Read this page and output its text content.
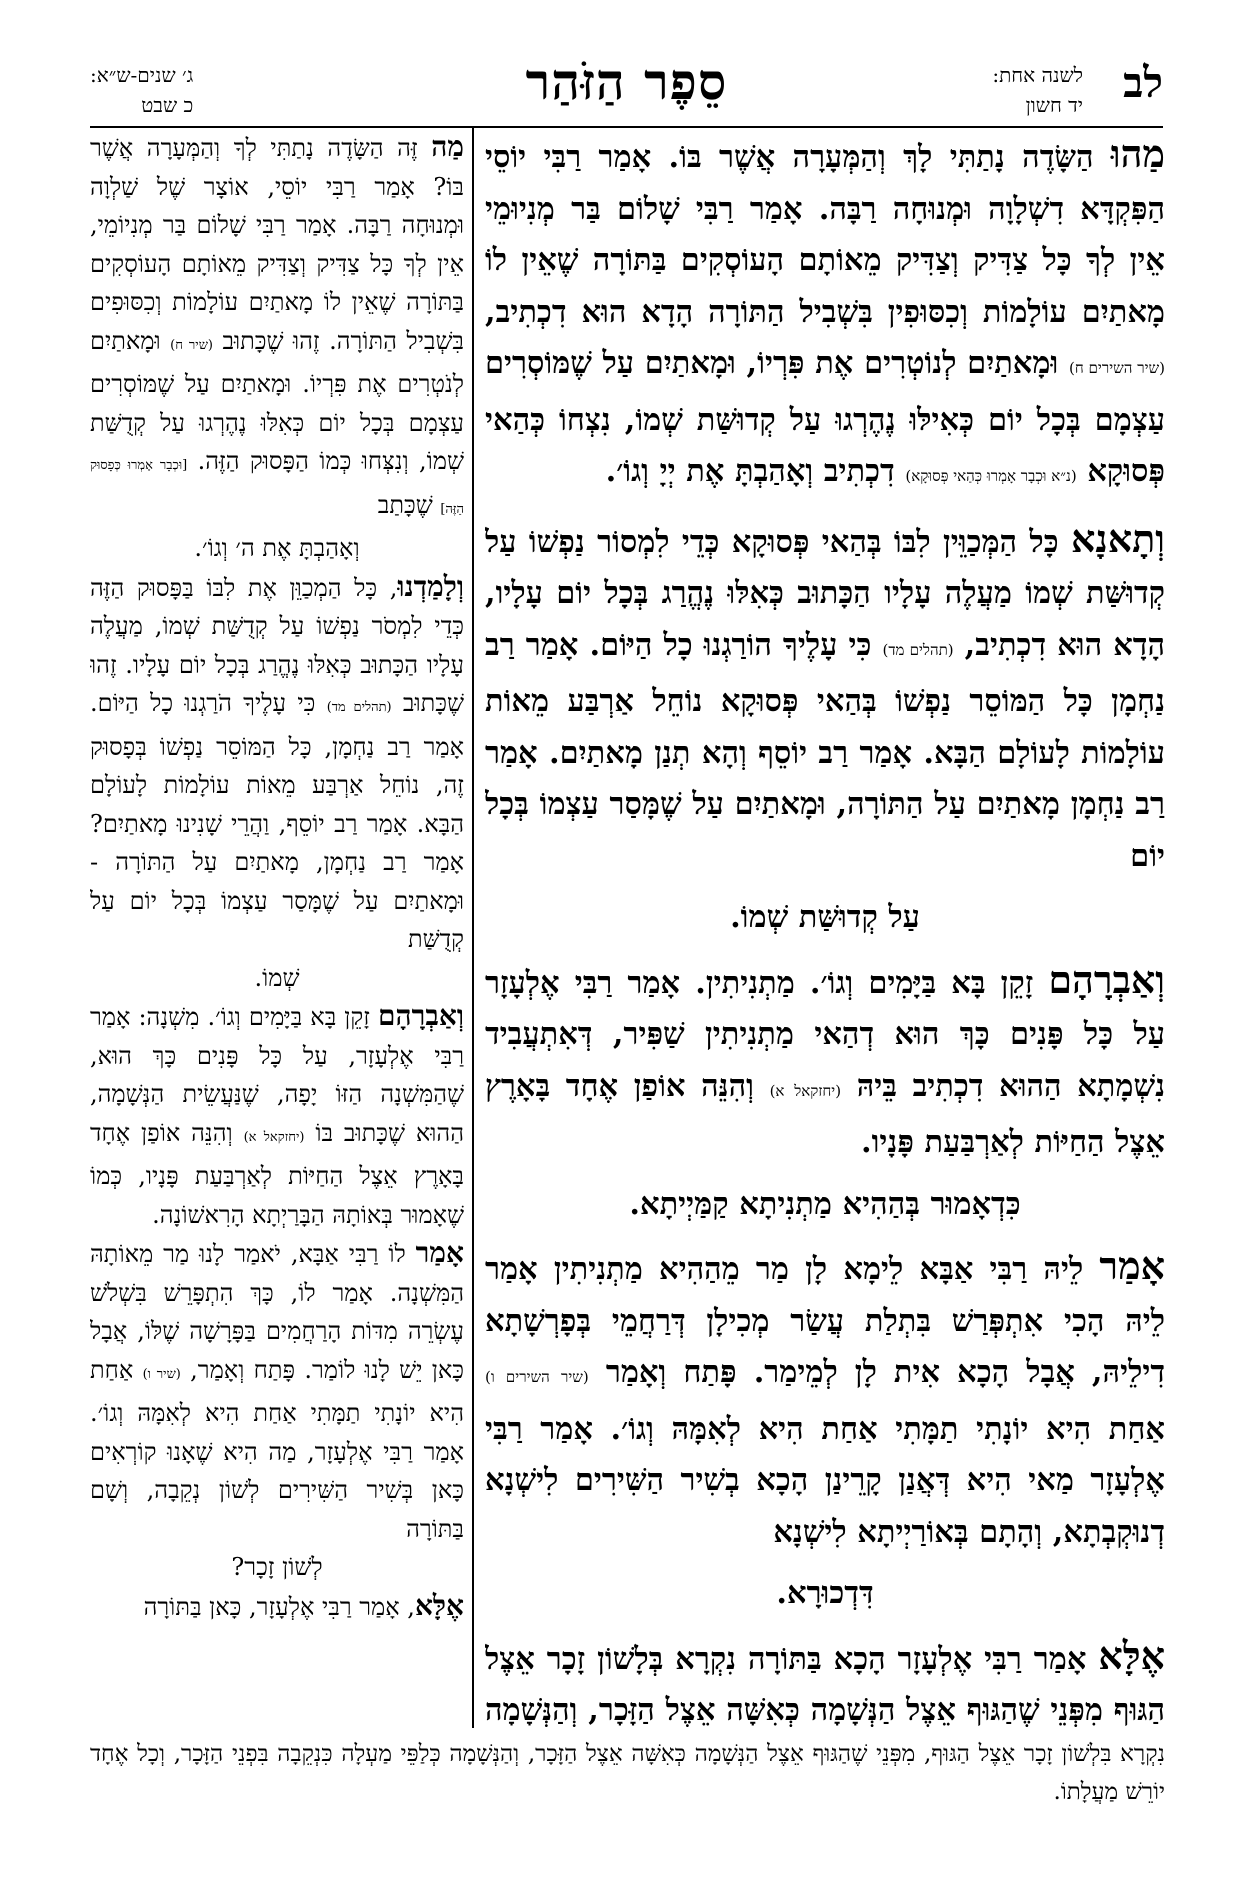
לב
לשנה אחת:
יד חשון
סֵפֶר הַזֹּהַר
ג׳ שנים-ש״א:
כ שבט

מַהוּ הַשָּׂדֶה נָתַתִּי לָךְ וְהַמְּעָרָה אֲשֶׁר בּוֹ. אָמַר רַבִּי יוֹסֵי הַפִּקְדָּא דִשְׁלָוָה וּמְנוּחָה רַבָּה. אָמַר רַבִּי שָׁלוֹם בַּר מְנִיוּמֵי אֵין לְךָ כָּל צַדִּיק וְצַדִּיק מֵאוֹתָם הָעוֹסְקִים בַּתּוֹרָה שֶׁאֵין לוֹ מָאתַיִם עוֹלָמוֹת וְכִסּוּפִין בִּשְׁבִיל הַתּוֹרָה הָדָא הוּא דִכְתִיב, (שיר השירים ח) וּמָאתַיִם לְנוֹטְרִים אֶת פִּרְיוֹ, וּמָאתַיִם עַל שֶׁמּוֹסְרִים עַצְמָם בְּכָל יוֹם כְּאִילּוּ נֶהֶרְגוּ עַל קְדוּשַּׁת שְׁמוֹ, נִצְחוֹ כְּהַאי פְּסוּקָא (נ״א וּכְבָר אָמְרוּ כְּהַאי פְּסוּקָא) דִכְתִיב וְאָהַבְתָּ אֶת יְיָ וְגוֹ׳.

וְתָאנָא כָּל הַמְּכַוֵּין לִבּוֹ בְּהַאי פְּסוּקָא כְּדֵי לִמְסוֹר נַפְשׁוֹ עַל קְדוּשַּׁת שְׁמוֹ מַעֲלֶה עָלָיו הַכָּתוּב כְּאִלּוּ נֶהֱרַג בְּכָל יוֹם עָלָיו, הָדָא הוּא דִכְתִיב, (תהלים מד) כִּי עָלֶיךָ הוֹרַגְנוּ כָל הַיּוֹם. אָמַר רַב נַחְמָן כָּל הַמּוֹסֵר נַפְשׁוֹ בְּהַאי פְּסוּקָא נוֹחֵל אַרְבַּע מֵאוֹת עוֹלָמוֹת לָעוֹלָם הַבָּא. אָמַר רַב יוֹסֵף וְהָא תְנַן מָאתַיִם. אָמַר רַב נַחְמָן מָאתַיִם עַל הַתּוֹרָה, וּמָאתַיִם עַל שֶׁמָּסַר עַצְמוֹ בְּכָל יוֹם

עַל קְדוּשַּׁת שְׁמוֹ.

וְאַבְרָהָם זָקֵן בָּא בַּיָּמִים וְגוֹ׳. מַתְנִיתִין. אָמַר רַבִּי אֶלְעָזָר עַל כָּל פָּנִים כָּךְ הוּא דְהַאי מַתְנִיתִין שַׁפִּיר, דְּאִתְעֲבִיד נִשְׁמָתָא הַהוּא דִכְתִיב בֵּיהּ (יחזקאל א) וְהִנֵּה אוֹפַן אֶחָד בָּאָרֶץ אֵצֶל הַחַיּוֹת לְאַרְבַּעַת פָּנָיו.

כִּדְאָמוּר בְּהַהִיא מַתְנִיתָא קַמַּיְיתָא.

אָמַר לֵיהּ רַבִּי אַבָּא לֵימָא לָן מַר מֵהַהִיא מַתְנִיתִין אָמַר לֵיהּ הָכִי אִתְפְּרַשׁ בִּתְלַת עֲשַׂר מְכִילָן דְּרַחֲמֵי בְּפָרְשָׁתָא דִילֵיהּ, אֲבָל הָכָא אִית לָן לְמֵימַר. פָּתַח וְאָמַר (שיר השירים ו) אַחַת הִיא יוֹנָתִי תַמָּתִי אַחַת הִיא לְאִמָּהּ וְגוֹ׳. אָמַר רַבִּי אֶלְעָזָר מַאי הִיא דְּאֲנַן קָרֵינַן הָכָא בְשִׁיר הַשִּׁירִים לִישְׁנָא דְנוּקְבְתָא, וְהָתָם בְּאוֹרַיְיתָא לִישְׁנָא

דִּדְכוּרָא.

אֶלָּא אָמַר רַבִּי אֶלְעָזָר הָכָא בַּתּוֹרָה נִקְרָא בְּלָשׁוֹן זָכָר אֵצֶל הַגּוּף מִפְּנֵי שֶׁהַגּוּף אֵצֶל הַנְּשָׁמָה כְּאִשָּׁה אֵצֶל הַזָּכָר, וְהַנְּשָׁמָה

מַה זֶּה הַשָּׂדֶה נָתַתִּי לְךָ וְהַמְּעָרָה אֲשֶׁר בּוֹ? אָמַר רַבִּי יוֹסֵי, אוֹצָר שֶׁל שַׁלְוָה וּמְנוּחָה רַבָּה. אָמַר רַבִּי שָׁלוֹם בַּר מְנִיוֹמֵי, אֵין לְךָ כָּל צַדִּיק וְצַדִּיק מֵאוֹתָם הָעוֹסְקִים בַּתּוֹרָה שֶׁאֵין לוֹ מָאתַיִם עוֹלָמוֹת וְכִסּוּפִים בִּשְׁבִיל הַתּוֹרָה. זֶהוּ שֶׁכָּתוּב (שיר ח) וּמָאתַיִם לְנֹטְרִים אֶת פִּרְיוֹ. וּמָאתַיִם עַל שֶׁמּוֹסְרִים עַצְמָם בְּכָל יוֹם כְּאִלּוּ נֶהֶרְגוּ עַל קְדֻשַּׁת שְׁמוֹ, וְנִצְּחוּ כְּמוֹ הַפָּסוּק הַזֶּה. [וּכְבָר אָמְרוּ כְּפָסוּק הַזֶּה] שֶׁכָּתַב

וְאָהַבְתָּ אֶת ה׳ וְגוֹ׳.

וְלָמַדְנוּ, כָּל הַמְכַוֵּן אֶת לִבּוֹ בַּפָּסוּק הַזֶּה כְּדֵי לִמְסֹר נַפְשׁוֹ עַל קְדֻשַּׁת שְׁמוֹ, מַעֲלֶה עָלָיו הַכָּתוּב כְּאִלּוּ נֶהֱרַג בְּכָל יוֹם עָלָיו. זֶהוּ שֶׁכָּתוּב (תהלים מד) כִּי עָלֶיךָ הֹרַגְנוּ כָל הַיּוֹם. אָמַר רַב נַחְמָן, כָּל הַמּוֹסֵר נַפְשׁוֹ בְּפָסוּק זֶה, נוֹחֵל אַרְבַּע מֵאוֹת עוֹלָמוֹת לָעוֹלָם הַבָּא. אָמַר רַב יוֹסֵף, וַהֲרֵי שָׁנִינוּ מָאתַיִם? אָמַר רַב נַחְמָן, מָאתַיִם עַל הַתּוֹרָה - וּמָאתַיִם עַל שֶׁמָּסַר עַצְמוֹ בְּכָל יוֹם עַל קְדֻשַּׁת

שְׁמוֹ.

וְאַבְרָהָם זָקֵן בָּא בַּיָּמִים וְגוֹ׳. מִשְׁנָה: אָמַר רַבִּי אֶלְעָזָר, עַל כָּל פָּנִים כָּךְ הוּא, שֶׁהַמִּשְׁנָה הַזּוֹ יָפָה, שֶׁנַּעֲשֵׂית הַנְּשָׁמָה, הַהוּא שֶׁכָּתוּב בּוֹ (יחזקאל א) וְהִנֵּה אוֹפַן אֶחָד בָּאָרֶץ אֵצֶל הַחַיּוֹת לְאַרְבַּעַת פָּנָיו, כְּמוֹ שֶׁאָמוּר בְּאוֹתָהּ הַבָּרַיְתָא הָרִאשׁוֹנָה.

אָמַר לוֹ רַבִּי אַבָּא, יֹאמַר לָנוּ מַר מֵאוֹתָהּ הַמִּשְׁנָה. אָמַר לוֹ, כָּךְ הִתְפָּרֵשׁ בִּשְׁלֹשׁ עֶשְׂרֵה מִדּוֹת הָרַחֲמִים בַּפָּרָשָׁה שֶׁלּוֹ, אֲבָל כָּאן יֵשׁ לָנוּ לוֹמַר. פָּתַח וְאָמַר, (שיר ו) אַחַת הִיא יוֹנָתִי תַמָּתִי אַחַת הִיא לְאִמָּהּ וְגוֹ׳. אָמַר רַבִּי אֶלְעָזָר, מַה הִיא שֶׁאָנוּ קוֹרְאִים כָּאן בְּשִׁיר הַשִּׁירִים לְשׁוֹן נְקֵבָה, וְשָׁם בַּתּוֹרָה

לְשׁוֹן זָכָר?

אֶלָּא, אָמַר רַבִּי אֶלְעָזָר, כָּאן בַּתּוֹרָה

נִקְרָא בִּלְשׁוֹן זָכָר אֵצֶל הַגּוּף, מִפְּנֵי שֶׁהַגּוּף אֵצֶל הַנְּשָׁמָה כְּאִשָּׁה אֵצֶל הַזָּכָר, וְהַנְּשָׁמָה כְּלַפֵּי מַעְלָה כִּנְקֵבָה בִּפְנֵי הַזָּכָר, וְכָל אֶחָד יוֹרֵשׁ מַעֲלָתוֹ.
